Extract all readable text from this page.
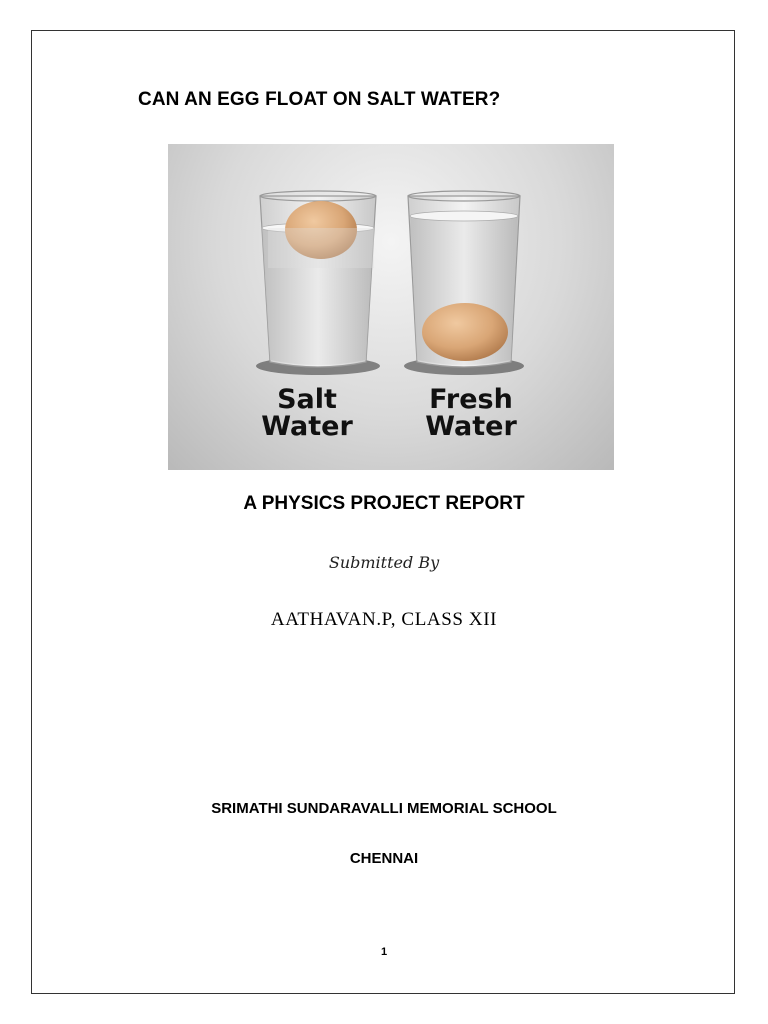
CAN AN EGG FLOAT ON SALT WATER?
Salt
Water
Fresh
Water
A PHYSICS PROJECT REPORT
Submitted By
AATHAVAN.P, CLASS XII
SRIMATHI SUNDARAVALLI MEMORIAL SCHOOL
CHENNAI
1
